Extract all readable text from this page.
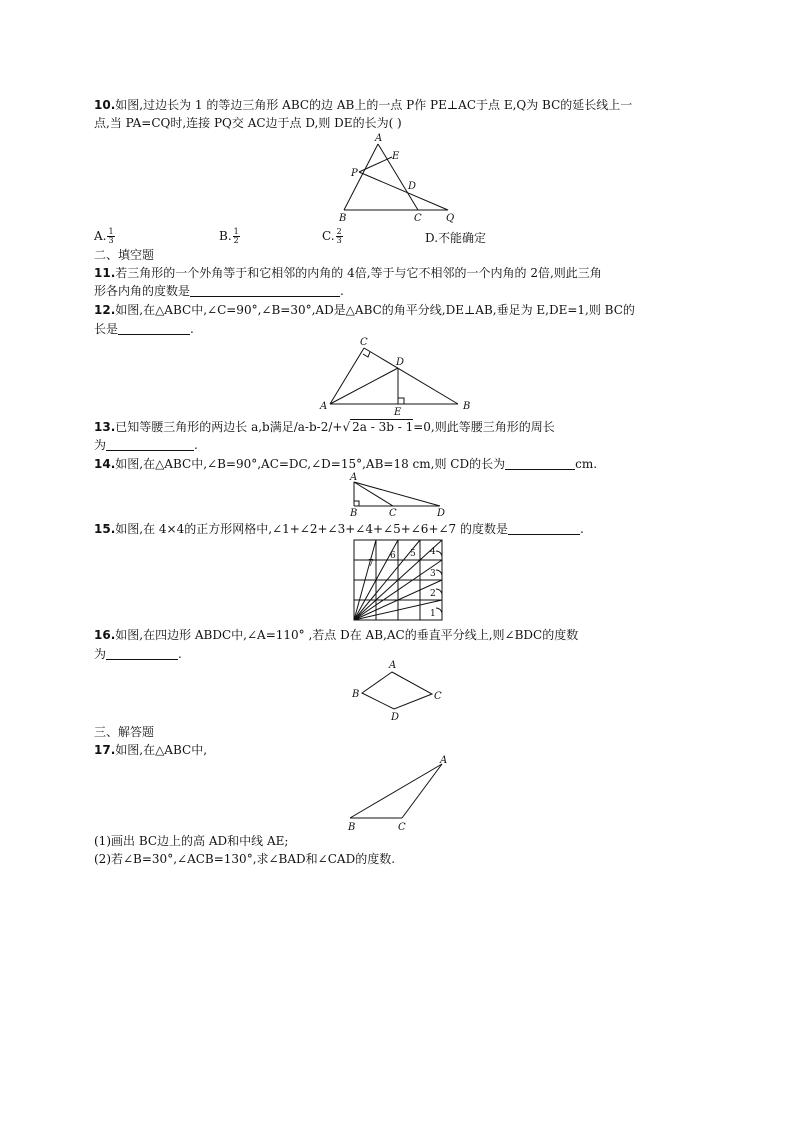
10.如图,过边长为 1 的等边三角形 ABC的边 AB上的一点 P作 PE⊥AC于点 E,Q为 BC的延长线上一
点,当 PA=CQ时,连接 PQ交 AC边于点 D,则 DE的长为( )
A
E
P
D
B	C Q
A. $\frac{1}{3}$	B. $\frac{1}{2}$	C. $\frac{2}{3}$	D.不能确定
二、填空题
11.若三角形的一个外角等于和它相邻的内角的 4倍,等于与它不相邻的一个内角的 2倍,则此三角
形各内角的度数是	.
12.如图,在△ABC中,∠C=90°,∠B=30°,AD是△ABC的角平分线,DE⊥AB,垂足为 E,DE=1,则 BC的
长是	.
C
D
A
E
B
13.已知等腰三角形的两边长 a,b满足/a-b-2/+√ 2a - 3b - 1=0,则此等腰三角形的周长
为	.
14.如图,在△ABC中,∠B=90°,AC=DC,∠D=15°,AB=18 cm,则 CD的长为	cm.
A
B	C	D
15.如图,在 4×4的正方形网格中,∠1+∠2+∠3+∠4+∠5+∠6+∠7 的度数是	.
7
6 5 4
3
2
1
16.如图,在四边形 ABDC中,∠A=110° ,若点 D在 AB,AC的垂直平分线上,则∠BDC的度数
为	.
A
B	C
D
三、解答题
17.如图,在△ABC中,
A
B	C
(1)画出 BC边上的高 AD和中线 AE;
(2)若∠B=30°,∠ACB=130°,求∠BAD和∠CAD的度数.
